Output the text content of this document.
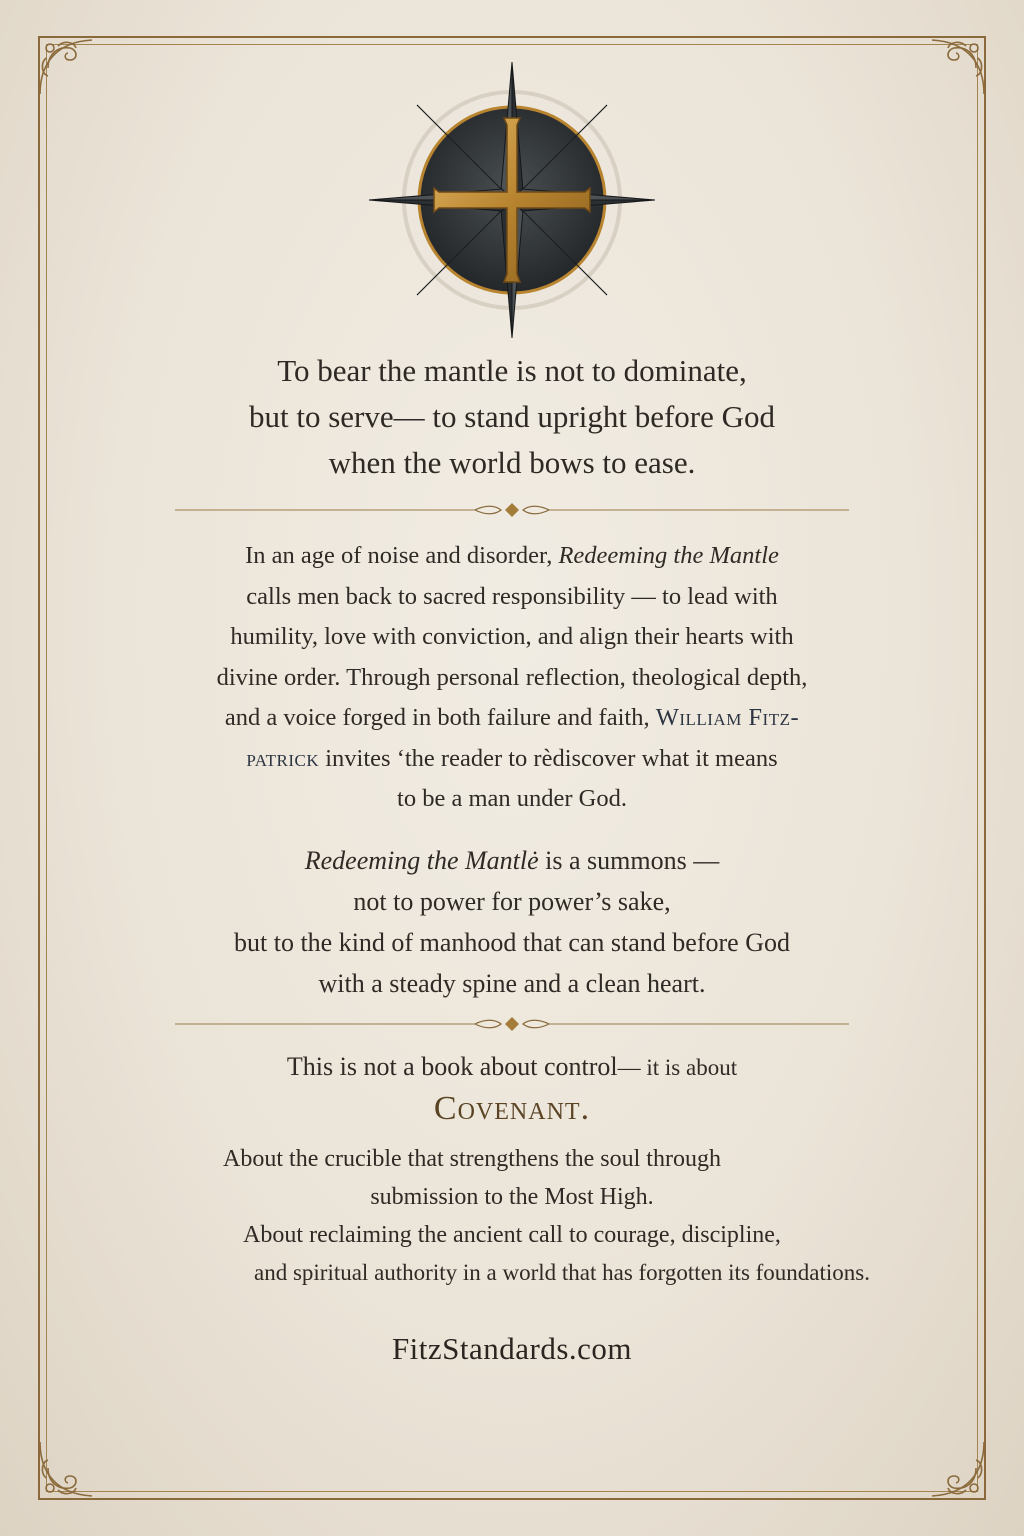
To bear the mantle is not to dominate,
but to serve— to stand upright before God
when the world bows to ease.
In an age of noise and disorder, Redeeming the Mantle
calls men back to sacred responsibility — to lead with
humility, love with conviction, and align their hearts with
divine order. Through personal reflection, theological depth,
and a voice forged in both failure and faith, William Fitz-
patrick invites ‘the reader to rèdiscover what it means
to be a man under God.
Redeeming the Mantlė is a summons —
not to power for power’s sake,
but to the kind of manhood that can stand before God
with a steady spine and a clean heart.
This is not a book about control— it is about
Covenant.
About the crucible that strengthens the soul through
submission to the Most High.
About reclaiming the ancient call to courage, discipline,
and spiritual authority in a world that has forgotten its foundations.
FitzStandards.com
